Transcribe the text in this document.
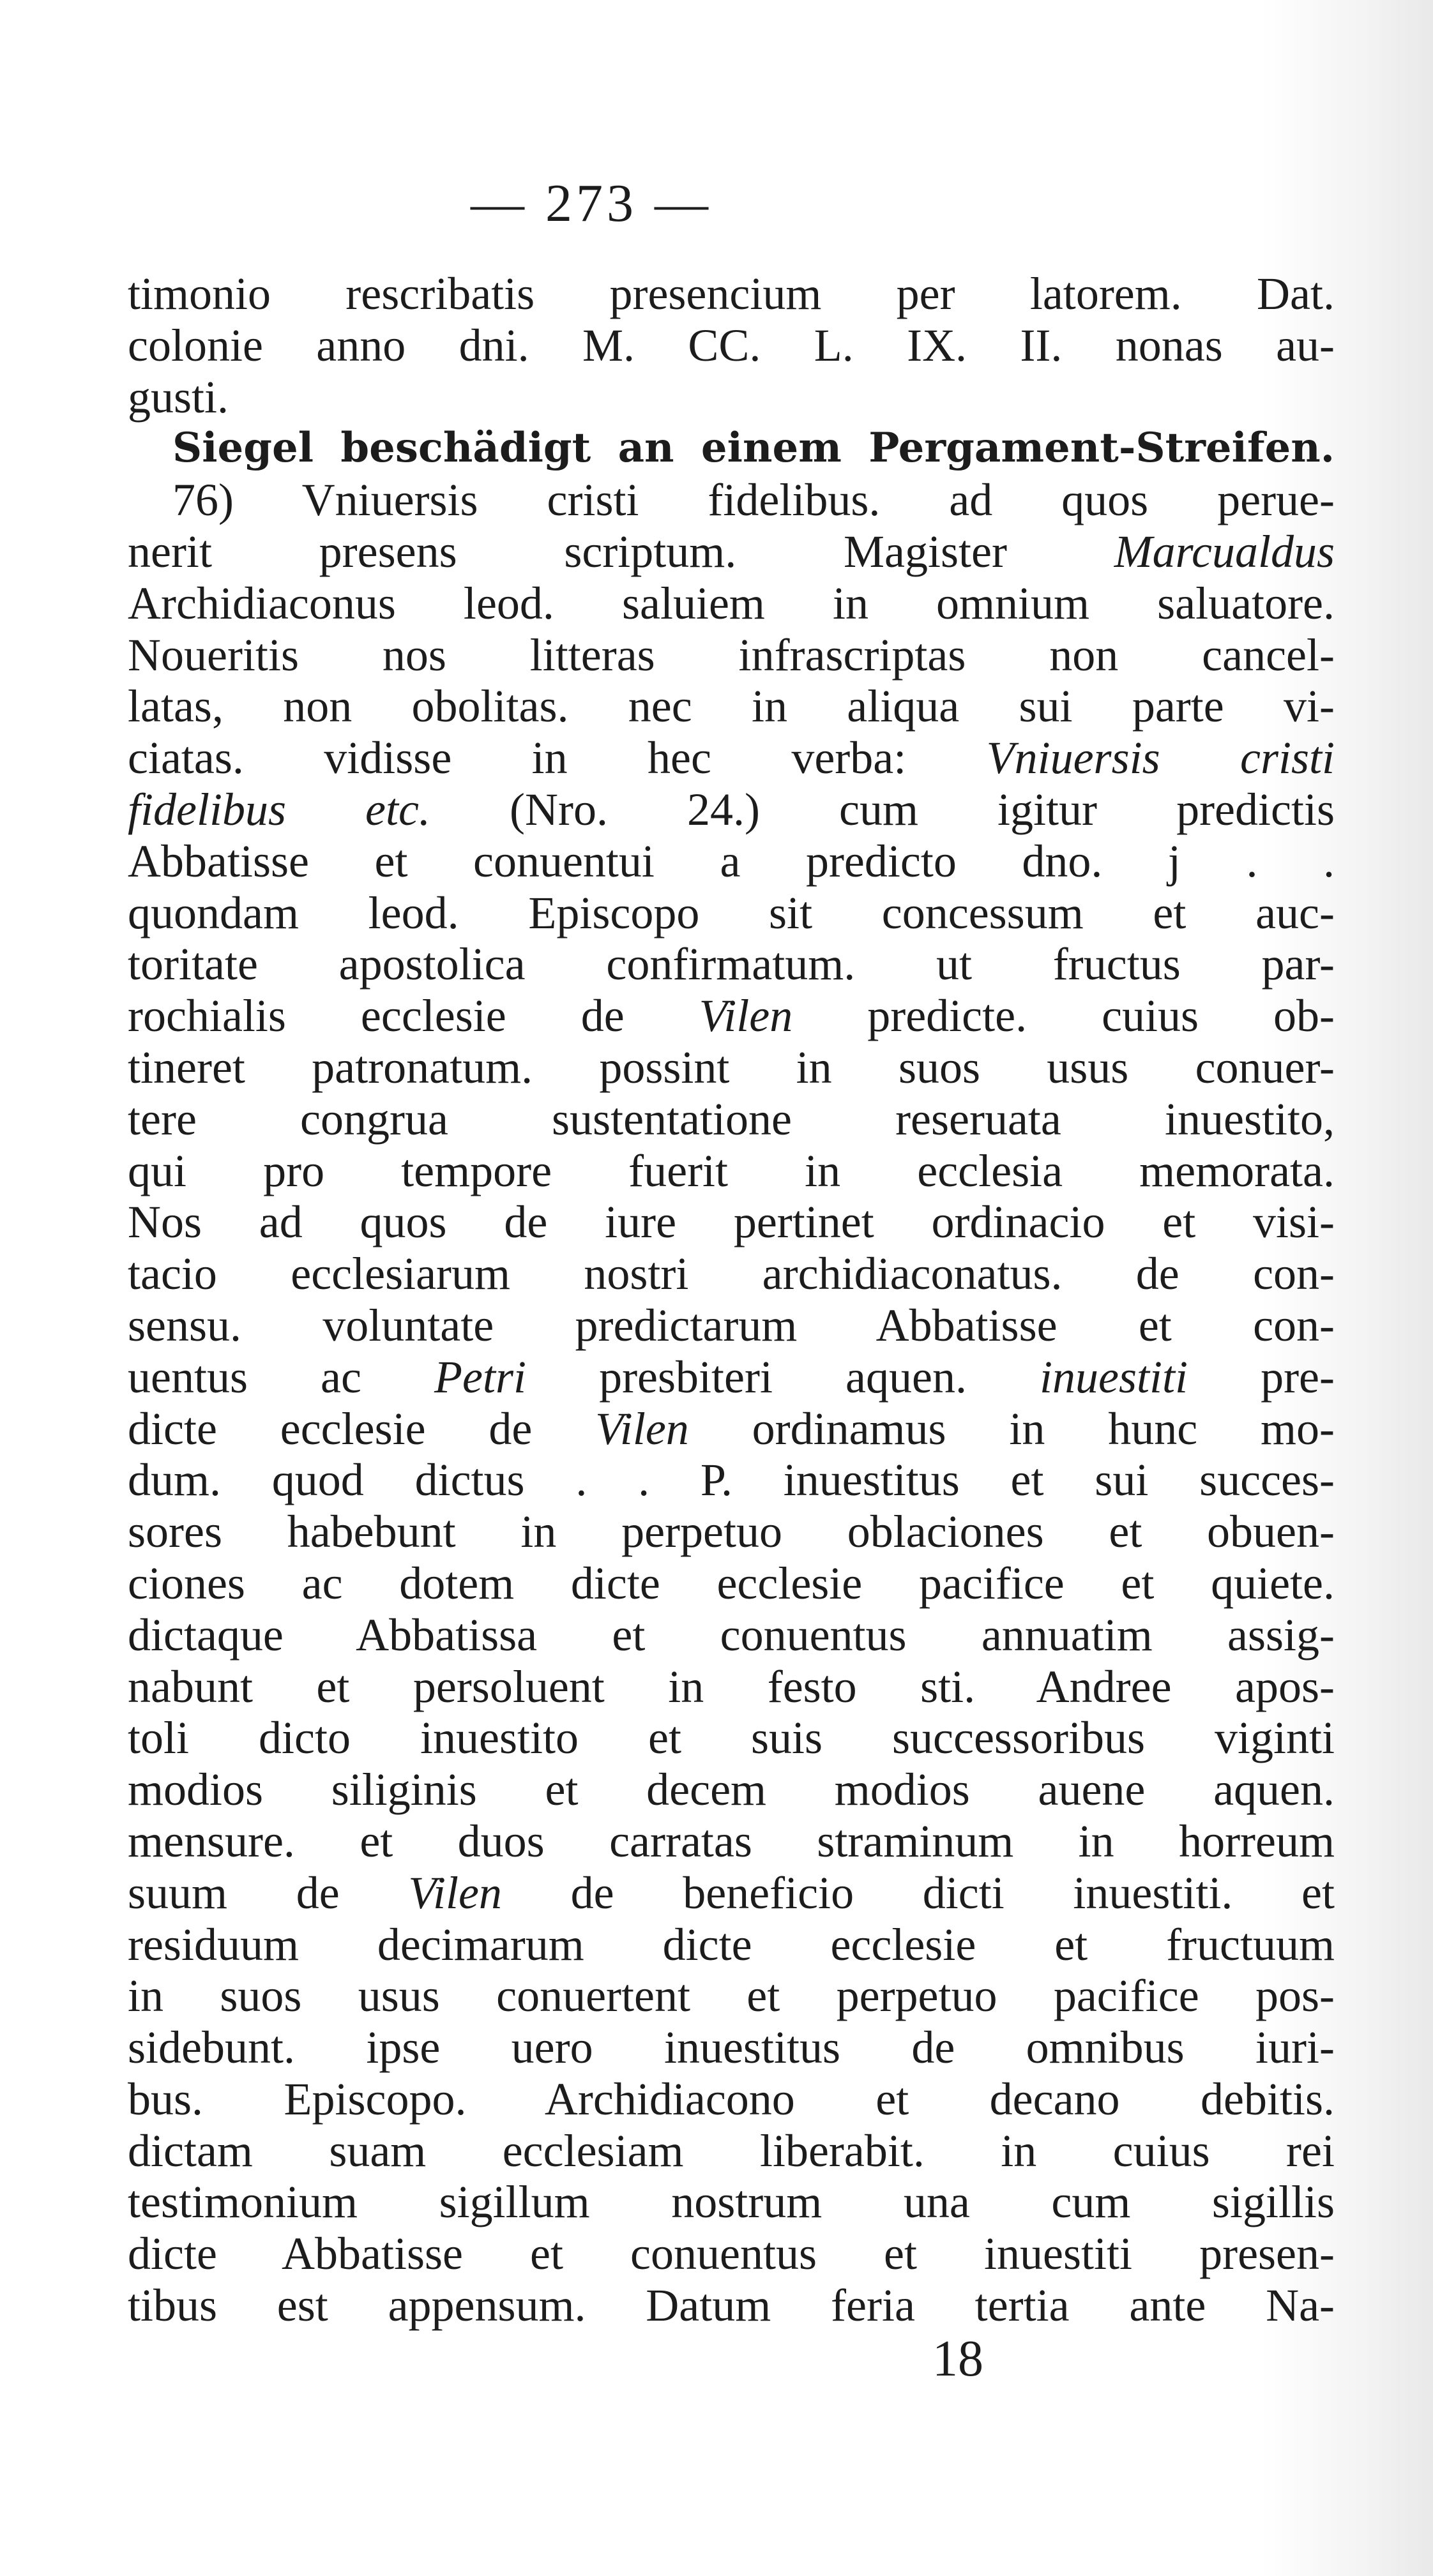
— 273 —
timonio rescribatis presencium per latorem. Dat.
colonie anno dni. M. CC. L. IX. II. nonas au-
gusti.
Siegel beschädigt an einem Pergament-Streifen.
76) Vniuersis cristi fidelibus. ad quos perue-
nerit presens scriptum. Magister Marcualdus
Archidiaconus leod. saluiem in omnium saluatore.
Noueritis nos litteras infrascriptas non cancel-
latas, non obolitas. nec in aliqua sui parte vi-
ciatas. vidisse in hec verba: Vniuersis cristi
fidelibus etc. (Nro. 24.) cum igitur predictis
Abbatisse et conuentui a predicto dno. j . .
quondam leod. Episcopo sit concessum et auc-
toritate apostolica confirmatum. ut fructus par-
rochialis ecclesie de Vilen predicte. cuius ob-
tineret patronatum. possint in suos usus conuer-
tere congrua sustentatione reseruata inuestito,
qui pro tempore fuerit in ecclesia memorata.
Nos ad quos de iure pertinet ordinacio et visi-
tacio ecclesiarum nostri archidiaconatus. de con-
sensu. voluntate predictarum Abbatisse et con-
uentus ac Petri presbiteri aquen. inuestiti pre-
dicte ecclesie de Vilen ordinamus in hunc mo-
dum. quod dictus . . P. inuestitus et sui succes-
sores habebunt in perpetuo oblaciones et obuen-
ciones ac dotem dicte ecclesie pacifice et quiete.
dictaque Abbatissa et conuentus annuatim assig-
nabunt et persoluent in festo sti. Andree apos-
toli dicto inuestito et suis successoribus viginti
modios siliginis et decem modios auene aquen.
mensure. et duos carratas straminum in horreum
suum de Vilen de beneficio dicti inuestiti. et
residuum decimarum dicte ecclesie et fructuum
in suos usus conuertent et perpetuo pacifice pos-
sidebunt. ipse uero inuestitus de omnibus iuri-
bus. Episcopo. Archidiacono et decano debitis.
dictam suam ecclesiam liberabit. in cuius rei
testimonium sigillum nostrum una cum sigillis
dicte Abbatisse et conuentus et inuestiti presen-
tibus est appensum. Datum feria tertia ante Na-
18
